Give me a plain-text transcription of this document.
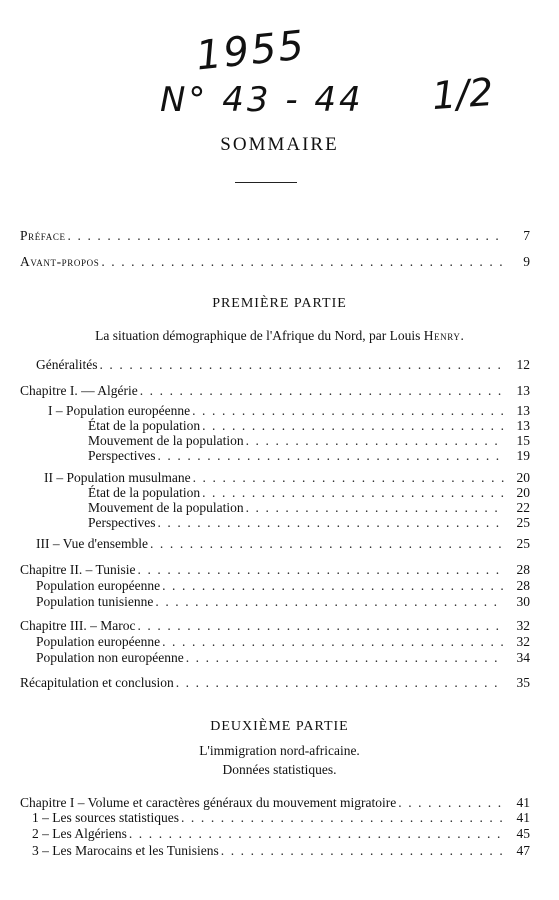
1955
N° 43 - 44 1/2
SOMMAIRE
Préface . . .	7
Avant-propos . . .	9
PREMIÈRE PARTIE
La situation démographique de l'Afrique du Nord, par Louis Henry.
Généralités . . .	12
Chapitre I. — Algérie . . .	13
I – Population européenne . . .	13
État de la population . . .	13
Mouvement de la population . . .	15
Perspectives . . .	19
II – Population musulmane . . .	20
État de la population . . .	20
Mouvement de la population . . .	22
Perspectives . . .	25
III – Vue d'ensemble . . .	25
Chapitre II. – Tunisie . . .	28
Population européenne . . .	28
Population tunisienne . . .	30
Chapitre III. – Maroc . . .	32
Population européenne . . .	32
Population non européenne . . .	34
Récapitulation et conclusion . . .	35
DEUXIÈME PARTIE
L'immigration nord-africaine.
Données statistiques.
Chapitre I – Volume et caractères généraux du mouvement migratoire . . .	41
1 – Les sources statistiques . . .	41
2 – Les Algériens . . .	45
3 – Les Marocains et les Tunisiens . . .	47
